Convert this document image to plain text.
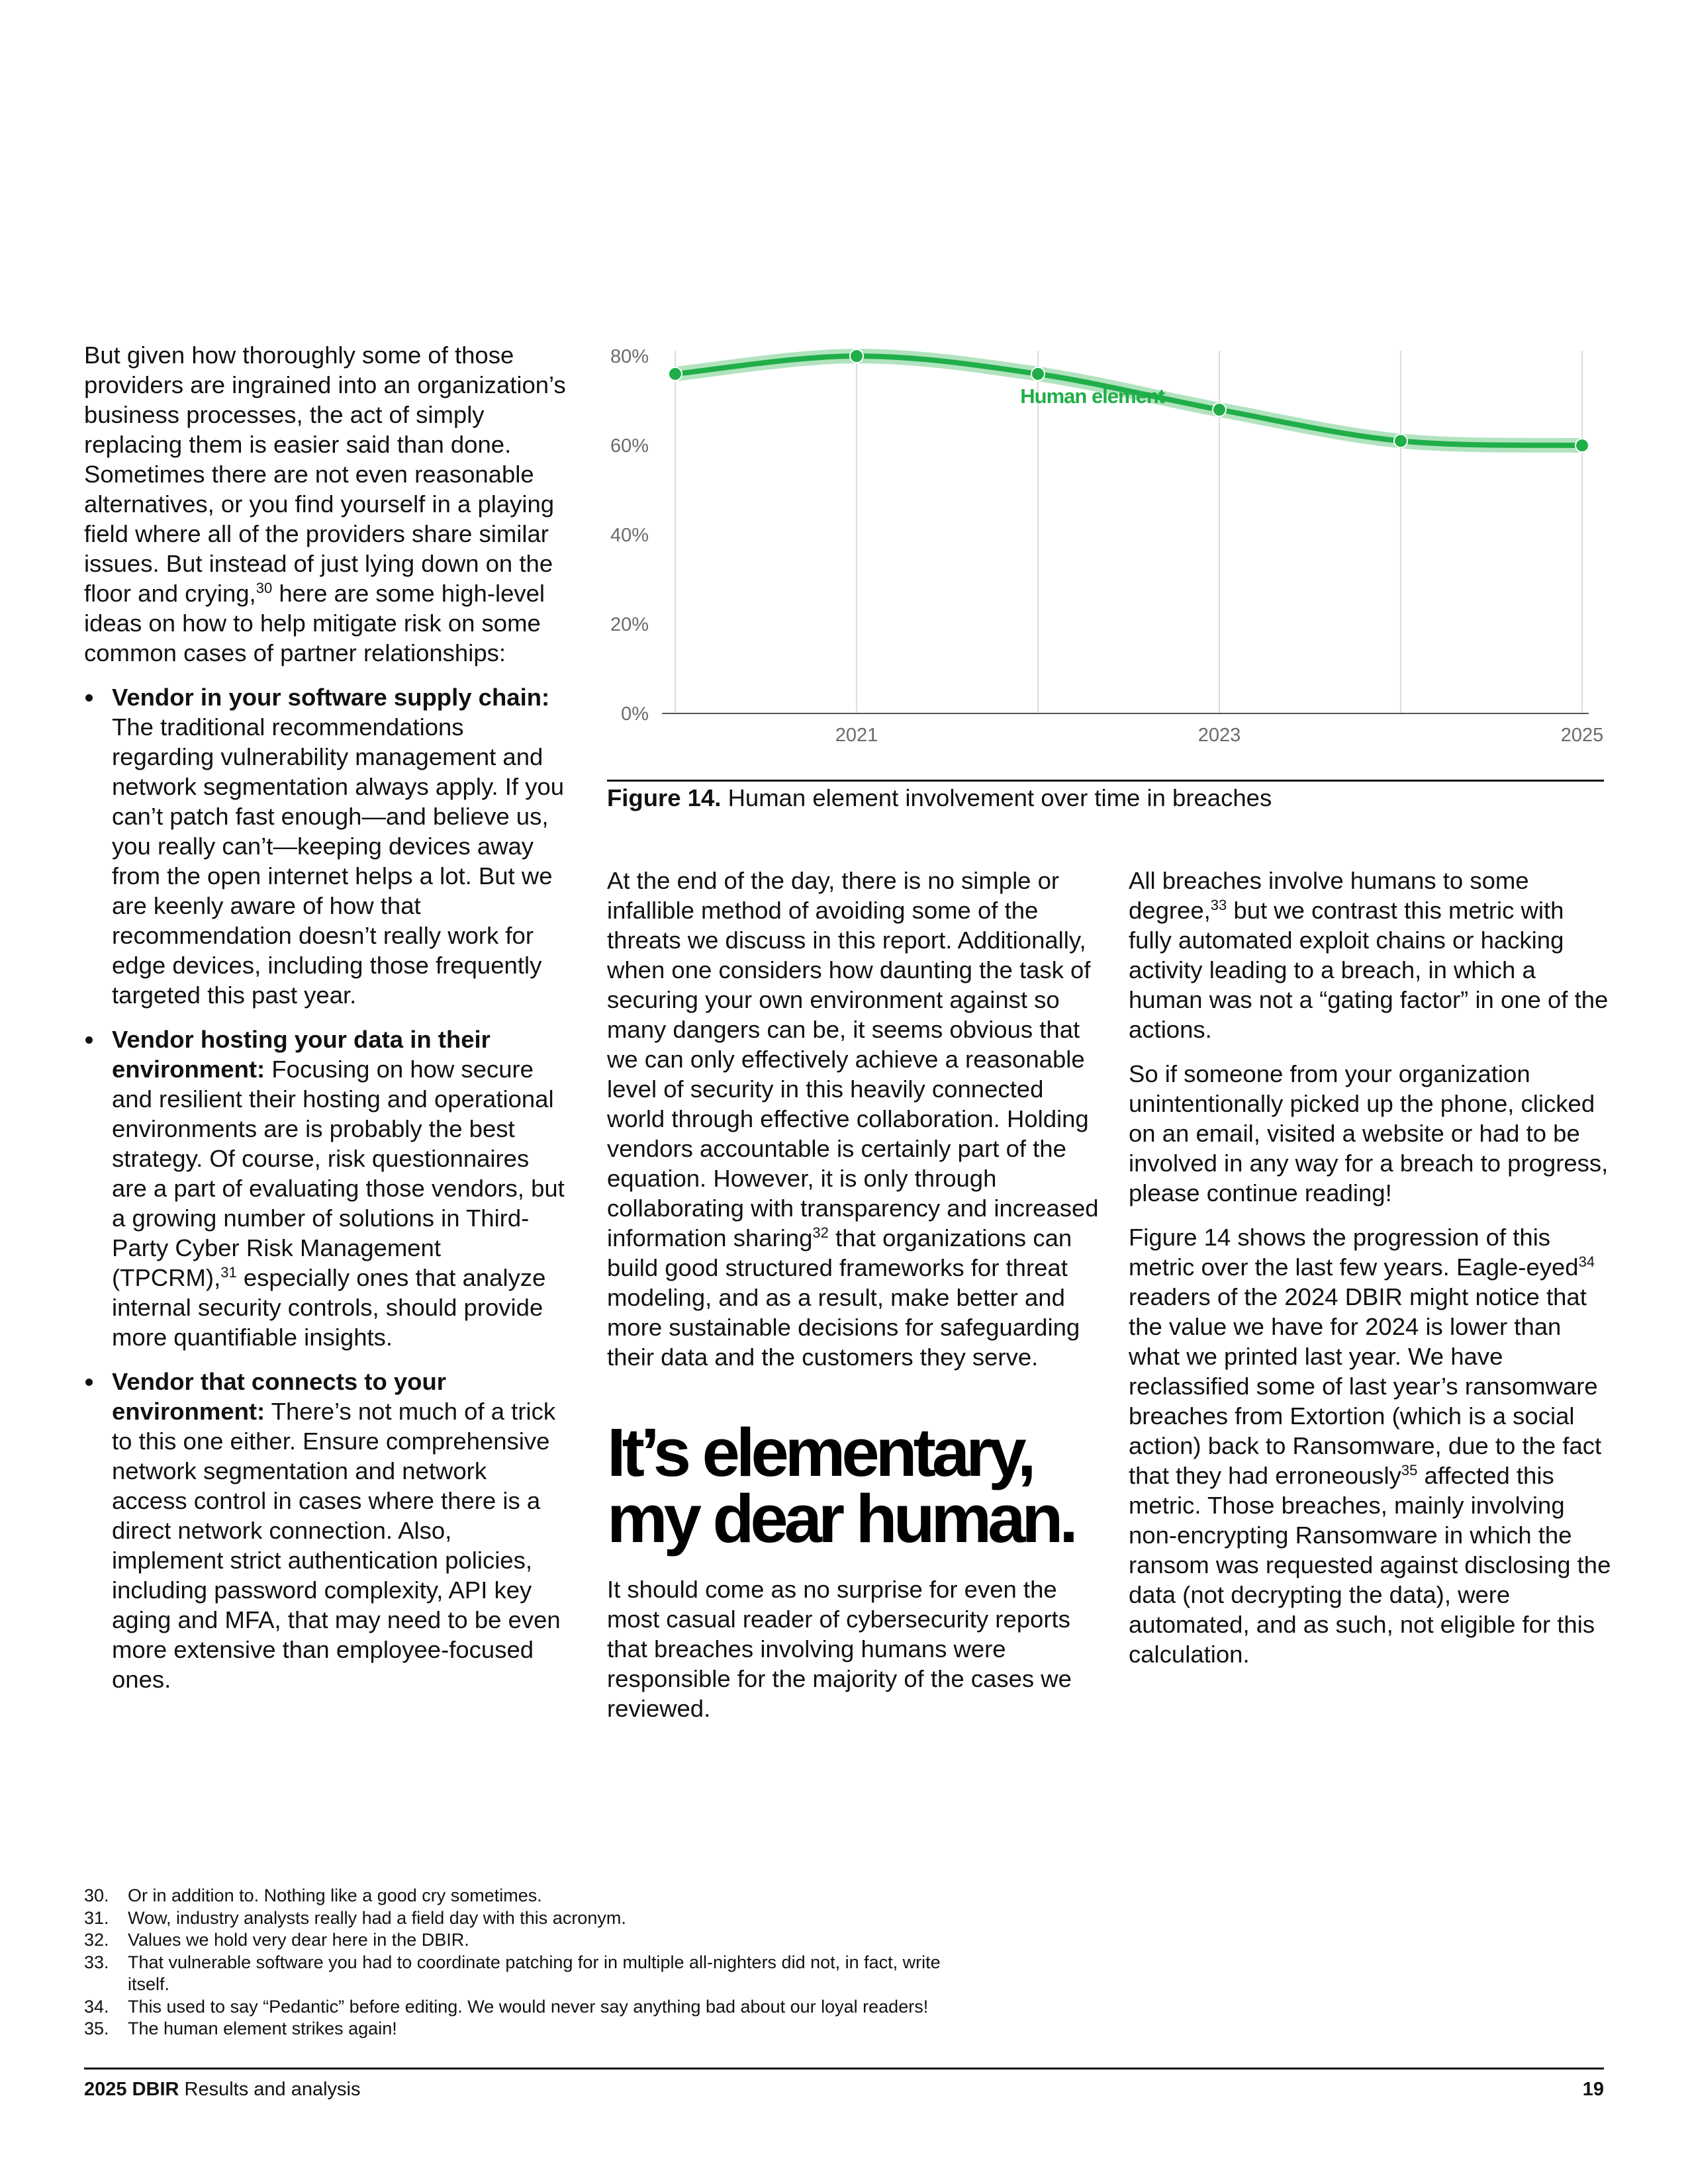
But given how thoroughly some of those providers are ingrained into an organization’s business processes, the act of simply replacing them is easier said than done. Sometimes there are not even reasonable alternatives, or you find yourself in a playing field where all of the providers share similar issues. But instead of just lying down on the floor and crying,$^{30}$ here are some high-level ideas on how to help mitigate risk on some common cases of partner relationships:

Vendor in your software supply chain: The traditional recommendations regarding vulnerability management and network segmentation always apply. If you can’t patch fast enough—and believe us, you really can’t—keeping devices away from the open internet helps a lot. But we are keenly aware of how that recommendation doesn’t really work for edge devices, including those frequently targeted this past year.
Vendor hosting your data in their environment: Focusing on how secure and resilient their hosting and operational environments are is probably the best strategy. Of course, risk questionnaires are a part of evaluating those vendors, but a growing number of solutions in Third-Party Cyber Risk Management (TPCRM),$^{31}$ especially ones that analyze internal security controls, should provide more quantifiable insights.
Vendor that connects to your environment: There’s not much of a trick to this one either. Ensure comprehensive network segmentation and network access control in cases where there is a direct network connection. Also, implement strict authentication policies, including password complexity, API key aging and MFA, that may need to be even more extensive than employee-focused ones.
0%
20%
40%
60%
80%
2021	2023	2025
Human element
Figure 14. Human element involvement over time in breaches

At the end of the day, there is no simple or infallible method of avoiding some of the threats we discuss in this report. Additionally, when one considers how daunting the task of securing your own environment against so many dangers can be, it seems obvious that we can only effectively achieve a reasonable level of security in this heavily connected world through effective collaboration. Holding vendors accountable is certainly part of the equation. However, it is only through collaborating with transparency and increased information sharing$^{32}$ that organizations can build good structured frameworks for threat modeling, and as a result, make better and more sustainable decisions for safeguarding their data and the customers they serve.

It’s elementary, my dear human.

It should come as no surprise for even the most casual reader of cybersecurity reports that breaches involving humans were responsible for the majority of the cases we reviewed.

All breaches involve humans to some degree,$^{33}$ but we contrast this metric with fully automated exploit chains or hacking activity leading to a breach, in which a human was not a “gating factor” in one of the actions.

So if someone from your organization unintentionally picked up the phone, clicked on an email, visited a website or had to be involved in any way for a breach to progress, please continue reading!

Figure 14 shows the progression of this metric over the last few years. Eagle-eyed$^{34}$ readers of the 2024 DBIR might notice that the value we have for 2024 is lower than what we printed last year. We have reclassified some of last year’s ransomware breaches from Extortion (which is a social action) back to Ransomware, due to the fact that they had erroneously$^{35}$ affected this metric. Those breaches, mainly involving non-encrypting Ransomware in which the ransom was requested against disclosing the data (not decrypting the data), were automated, and as such, not eligible for this calculation.

30.	Or in addition to. Nothing like a good cry sometimes.
31.	Wow, industry analysts really had a field day with this acronym.
32.	Values we hold very dear here in the DBIR.
33.	That vulnerable software you had to coordinate patching for in multiple all-nighters did not, in fact, write itself.
34.	This used to say “Pedantic” before editing. We would never say anything bad about our loyal readers!
35.	The human element strikes again!
2025 DBIR Results and analysis	19
